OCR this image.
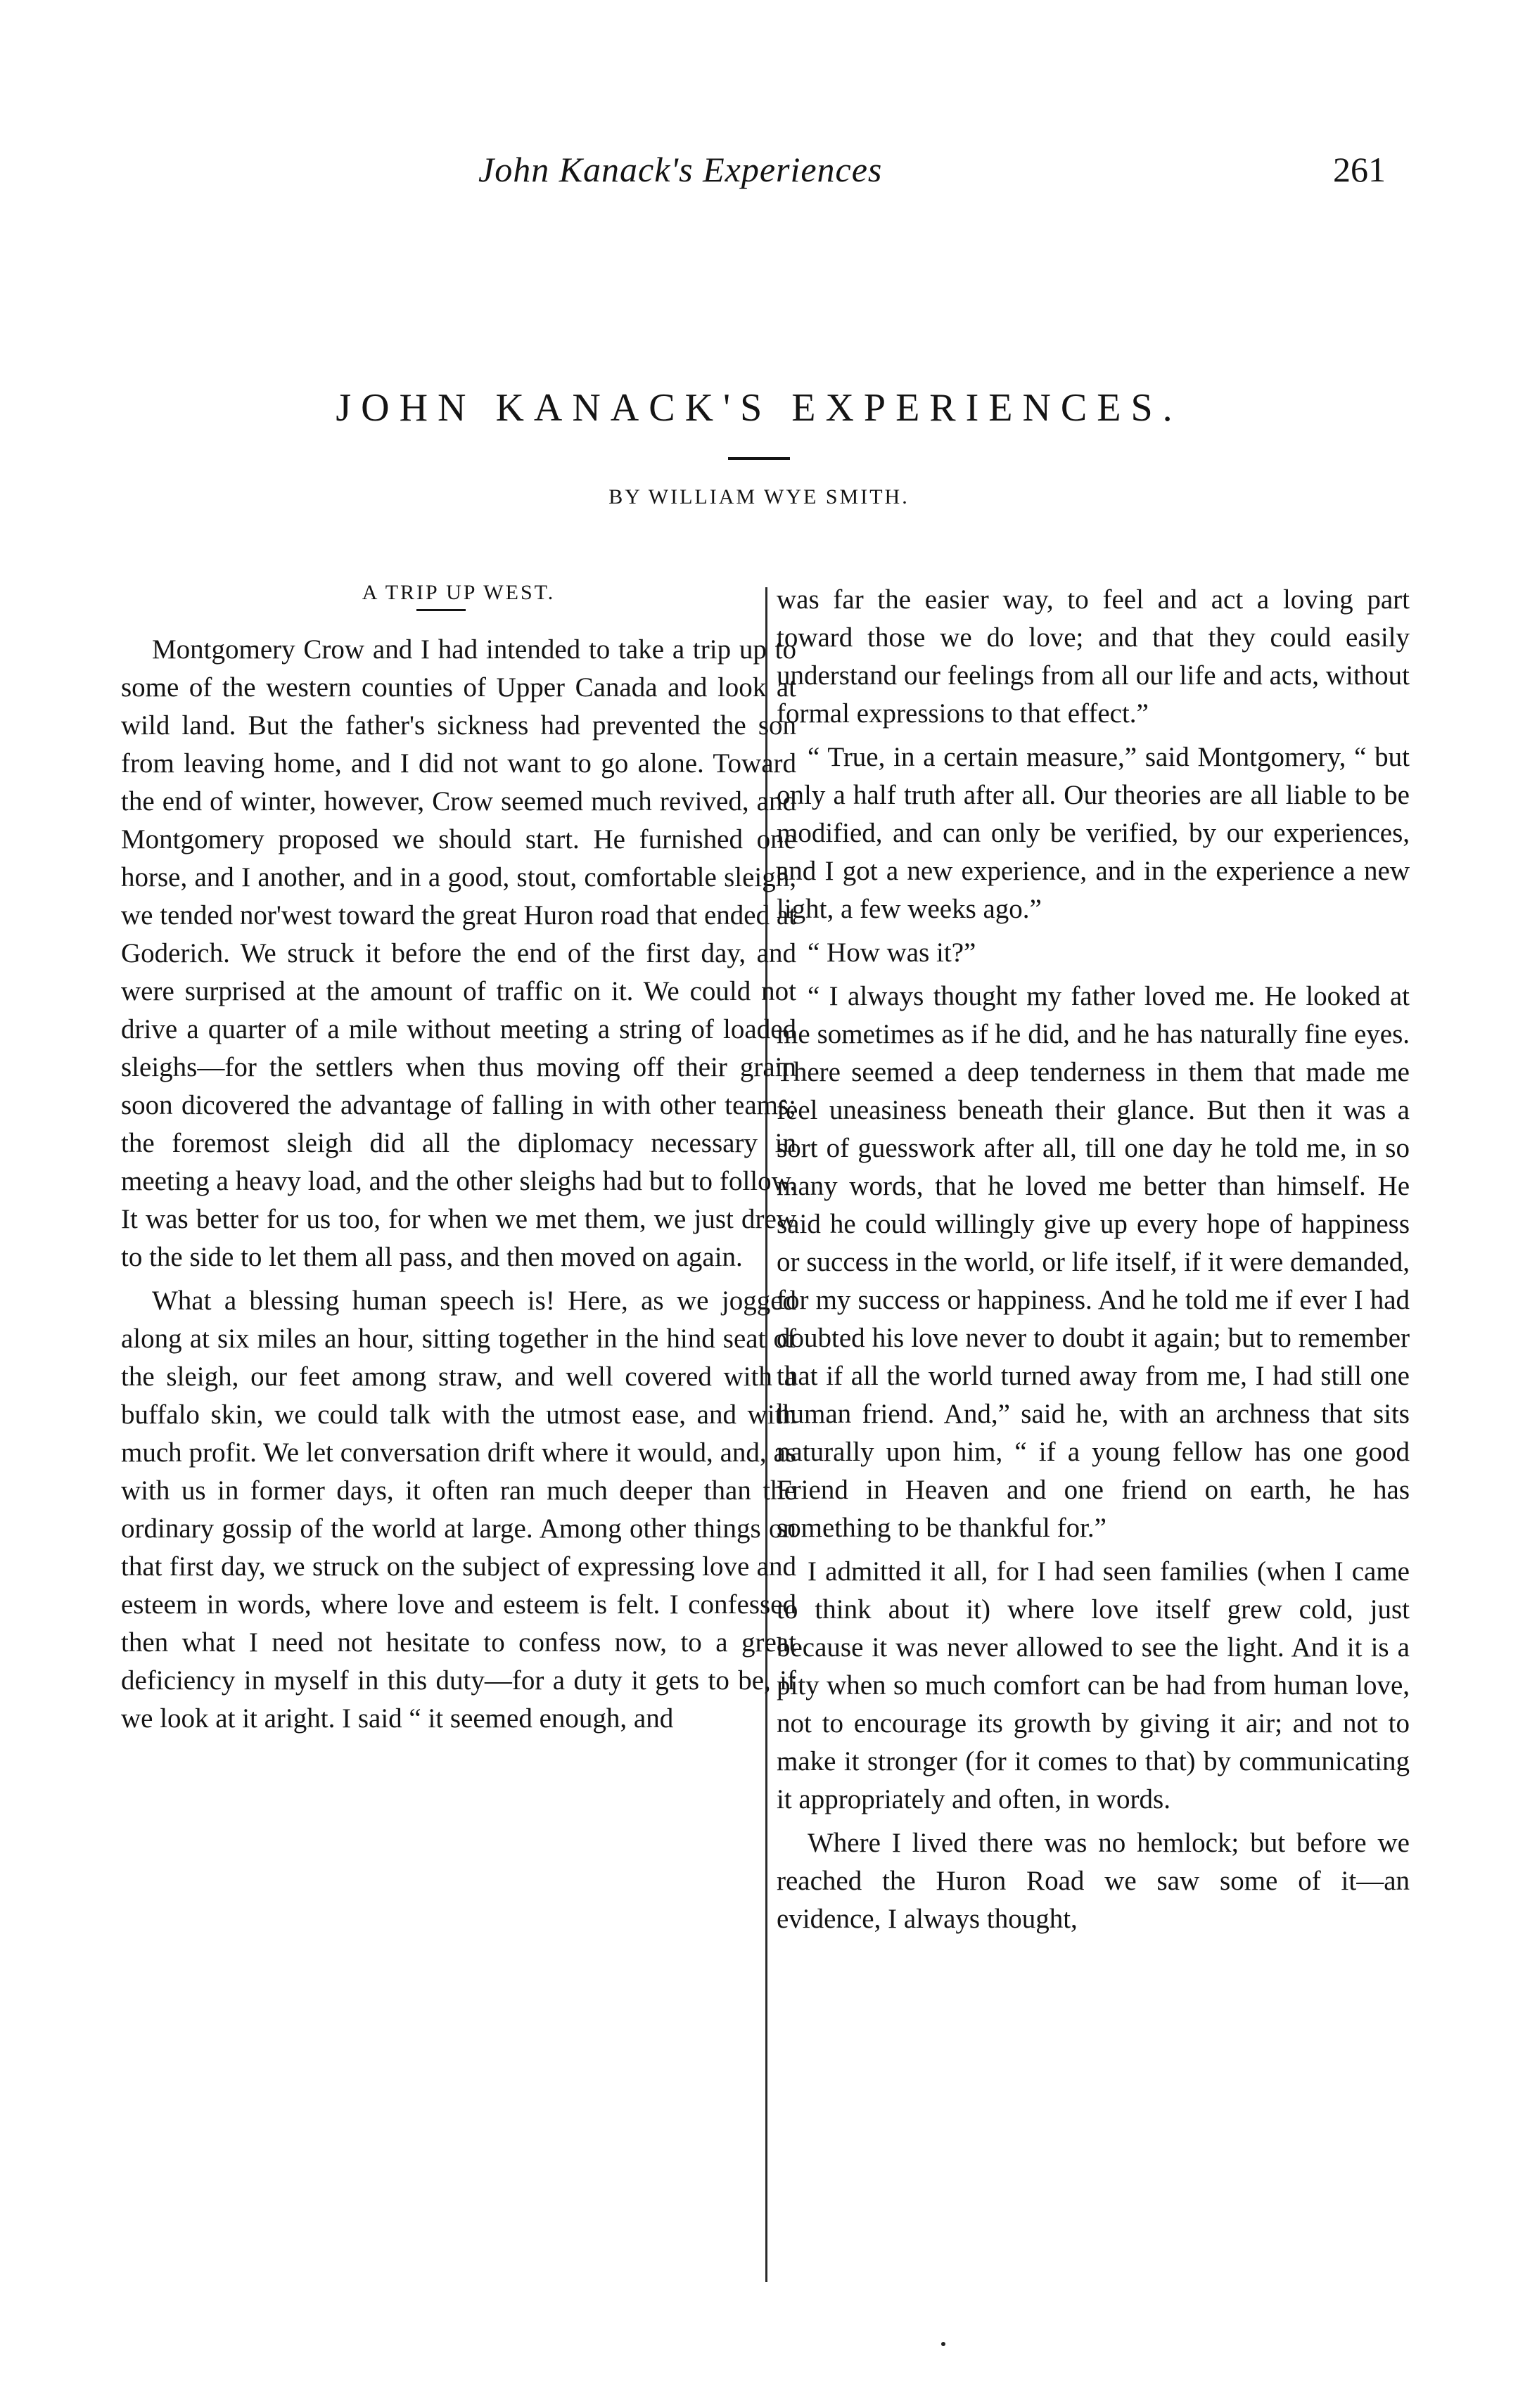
John Kanack's Experiences	261
JOHN KANACK'S EXPERIENCES.
BY WILLIAM WYE SMITH.
A TRIP UP WEST.

Montgomery Crow and I had intended to take a trip up to some of the western counties of Upper Canada and look at wild land. But the father's sickness had prevented the son from leaving home, and I did not want to go alone. Toward the end of winter, however, Crow seemed much revived, and Montgomery proposed we should start. He furnished one horse, and I another, and in a good, stout, comfortable sleigh, we tended nor'west toward the great Huron road that ended at Goderich. We struck it before the end of the first day, and were surprised at the amount of traffic on it. We could not drive a quarter of a mile without meeting a string of loaded sleighs—for the settlers when thus moving off their grain soon dicovered the advantage of falling in with other teams; the foremost sleigh did all the diplomacy necessary in meeting a heavy load, and the other sleighs had but to follow. It was better for us too, for when we met them, we just drew to the side to let them all pass, and then moved on again.

What a blessing human speech is! Here, as we jogged along at six miles an hour, sitting together in the hind seat of the sleigh, our feet among straw, and well covered with a buffalo skin, we could talk with the utmost ease, and with much profit. We let conversation drift where it would, and, as with us in former days, it often ran much deeper than the ordinary gossip of the world at large. Among other things on that first day, we struck on the subject of expressing love and esteem in words, where love and esteem is felt. I confessed then what I need not hesitate to confess now, to a great deficiency in myself in this duty—for a duty it gets to be, if we look at it aright. I said “ it seemed enough, and

was far the easier way, to feel and act a loving part toward those we do love; and that they could easily understand our feelings from all our life and acts, without formal expressions to that effect.”

“ True, in a certain measure,” said Montgomery, “ but only a half truth after all. Our theories are all liable to be modified, and can only be verified, by our experiences, and I got a new experience, and in the experience a new light, a few weeks ago.”

“ How was it?”

“ I always thought my father loved me. He looked at me sometimes as if he did, and he has naturally fine eyes. There seemed a deep tenderness in them that made me feel uneasiness beneath their glance. But then it was a sort of guesswork after all, till one day he told me, in so many words, that he loved me better than himself. He said he could willingly give up every hope of happiness or success in the world, or life itself, if it were demanded, for my success or happiness. And he told me if ever I had doubted his love never to doubt it again; but to remember that if all the world turned away from me, I had still one human friend. And,” said he, with an archness that sits naturally upon him, “ if a young fellow has one good Friend in Heaven and one friend on earth, he has something to be thankful for.”

I admitted it all, for I had seen families (when I came to think about it) where love itself grew cold, just because it was never allowed to see the light. And it is a pity when so much comfort can be had from human love, not to encourage its growth by giving it air; and not to make it stronger (for it comes to that) by communicating it appropriately and often, in words.

Where I lived there was no hemlock; but before we reached the Huron Road we saw some of it—an evidence, I always thought,
